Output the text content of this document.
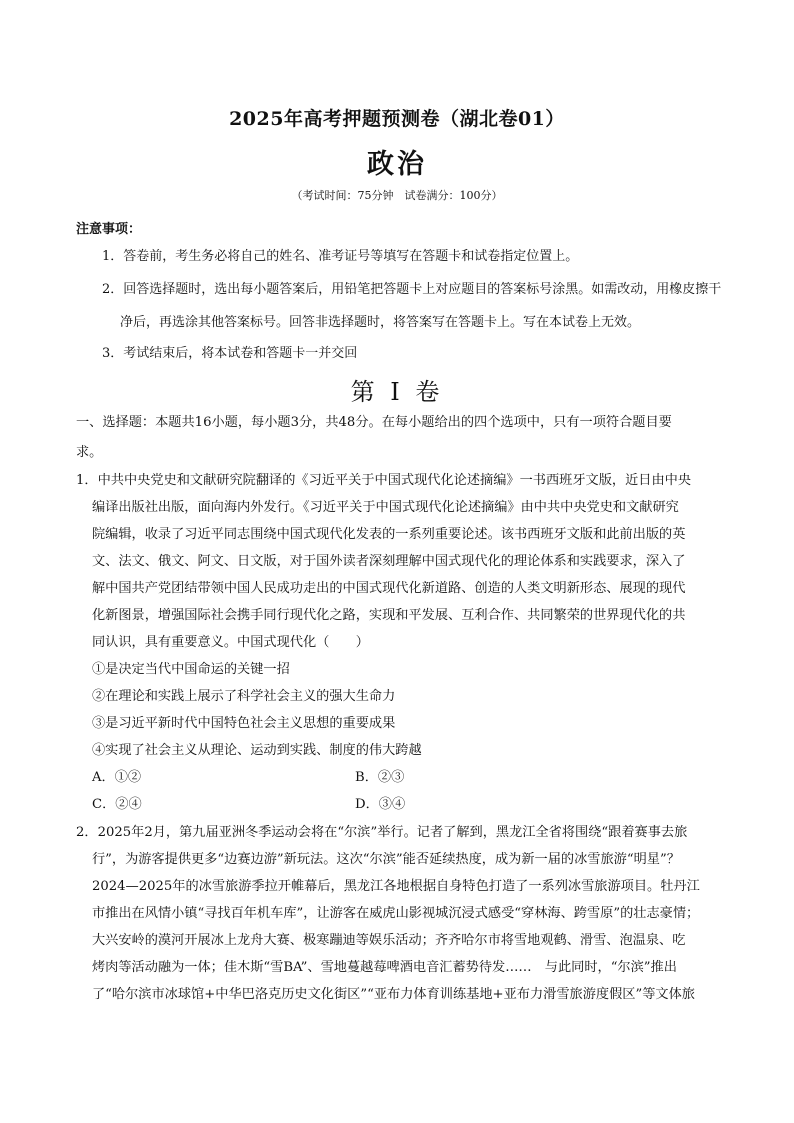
2025年高考押题预测卷（湖北卷01）
政治
（考试时间：75分钟　试卷满分：100分）
注意事项：
1．答卷前，考生务必将自己的姓名、准考证号等填写在答题卡和试卷指定位置上。
2．回答选择题时，选出每小题答案后，用铅笔把答题卡上对应题目的答案标号涂黑。如需改动，用橡皮擦干
净后，再选涂其他答案标号。回答非选择题时，将答案写在答题卡上。写在本试卷上无效。
3．考试结束后，将本试卷和答题卡一并交回
第 I 卷
一、选择题：本题共16小题，每小题3分，共48分。在每小题给出的四个选项中，只有一项符合题目要
求。
1．中共中央党史和文献研究院翻译的《习近平关于中国式现代化论述摘编》一书西班牙文版，近日由中央
编译出版社出版，面向海内外发行。《习近平关于中国式现代化论述摘编》由中共中央党史和文献研究
院编辑，收录了习近平同志围绕中国式现代化发表的一系列重要论述。该书西班牙文版和此前出版的英
文、法文、俄文、阿文、日文版，对于国外读者深刻理解中国式现代化的理论体系和实践要求，深入了
解中国共产党团结带领中国人民成功走出的中国式现代化新道路、创造的人类文明新形态、展现的现代
化新图景，增强国际社会携手同行现代化之路，实现和平发展、互利合作、共同繁荣的世界现代化的共
同认识，具有重要意义。中国式现代化（　　）
①是决定当代中国命运的关键一招
②在理论和实践上展示了科学社会主义的强大生命力
③是习近平新时代中国特色社会主义思想的重要成果
④实现了社会主义从理论、运动到实践、制度的伟大跨越
A．①②	B．②③
C．②④	D．③④
2．2025年2月，第九届亚洲冬季运动会将在“尔滨”举行。记者了解到，黑龙江全省将围绕“跟着赛事去旅
行”，为游客提供更多“边赛边游”新玩法。这次“尔滨”能否延续热度，成为新一届的冰雪旅游“明星”？
2024—2025年的冰雪旅游季拉开帷幕后，黑龙江各地根据自身特色打造了一系列冰雪旅游项目。牡丹江
市推出在风情小镇“寻找百年机车库”，让游客在威虎山影视城沉浸式感受“穿林海、跨雪原”的壮志豪情；
大兴安岭的漠河开展冰上龙舟大赛、极寒蹦迪等娱乐活动；齐齐哈尔市将雪地观鹤、滑雪、泡温泉、吃
烤肉等活动融为一体；佳木斯“雪BA”、雪地蔓越莓啤酒电音汇蓄势待发……　与此同时，“尔滨”推出
了“哈尔滨市冰球馆+中华巴洛克历史文化街区”“亚布力体育训练基地+亚布力滑雪旅游度假区”等文体旅
